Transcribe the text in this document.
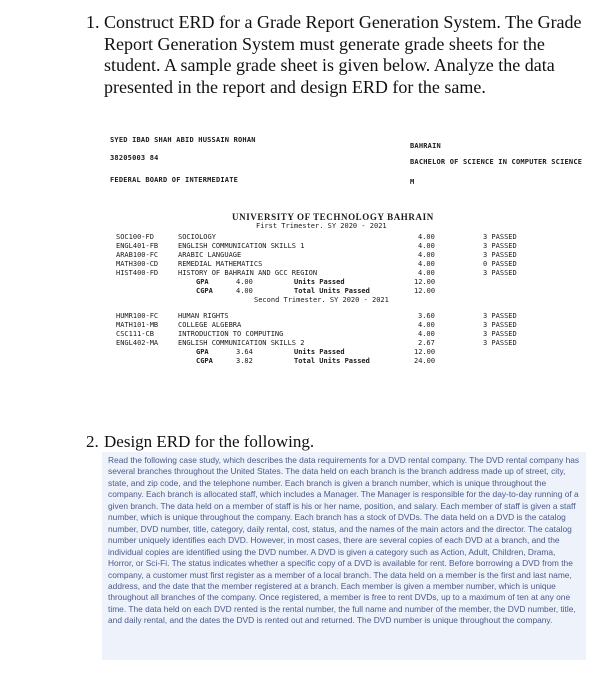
1. Construct ERD for a Grade Report Generation System. The Grade Report Generation System must generate grade sheets for the student. A sample grade sheet is given below. Analyze the data presented in the report and design ERD for the same.
SYED IBAD SHAH ABID HUSSAIN ROHAN
38205003 84
FEDERAL BOARD OF INTERMEDIATE
BAHRAIN
BACHELOR OF SCIENCE IN COMPUTER SCIENCE
M
UNIVERSITY OF TECHNOLOGY BAHRAIN
First Trimester. SY 2020 - 2021
SOC100-FD	SOCIOLOGY	4.00	3 PASSED
ENGL401-FB	ENGLISH COMMUNICATION SKILLS 1	4.00	3 PASSED
ARAB100-FC	ARABIC LANGUAGE	4.00	3 PASSED
MATH300-CD	REMEDIAL MATHEMATICS	4.00	0 PASSED
HIST400-FD	HISTORY OF BAHRAIN AND GCC REGION	4.00	3 PASSED
GPA	4.00	Units Passed	12.00
CGPA	4.00	Total Units Passed	12.00
Second Trimester. SY 2020 - 2021
HUMR100-FC	HUMAN RIGHTS	3.60	3 PASSED
MATH101-MB	COLLEGE ALGEBRA	4.00	3 PASSED
CSC111-CB	INTRODUCTION TO COMPUTING	4.00	3 PASSED
ENGL402-MA	ENGLISH COMMUNICATION SKILLS 2	2.67	3 PASSED
GPA	3.64	Units Passed	12.00
CGPA	3.82	Total Units Passed	24.00
2. Design ERD for the following.
Read the following case study, which describes the data requirements for a DVD rental company. The DVD rental company has several branches throughout the United States. The data held on each branch is the branch address made up of street, city, state, and zip code, and the telephone number. Each branch is given a branch number, which is unique throughout the company. Each branch is allocated staff, which includes a Manager. The Manager is responsible for the day-to-day running of a given branch. The data held on a member of staff is his or her name, position, and salary. Each member of staff is given a staff number, which is unique throughout the company. Each branch has a stock of DVDs. The data held on a DVD is the catalog number, DVD number, title, category, daily rental, cost, status, and the names of the main actors and the director. The catalog number uniquely identifies each DVD. However, in most cases, there are several copies of each DVD at a branch, and the individual copies are identified using the DVD number. A DVD is given a category such as Action, Adult, Children, Drama, Horror, or Sci-Fi. The status indicates whether a specific copy of a DVD is available for rent. Before borrowing a DVD from the company, a customer must first register as a member of a local branch. The data held on a member is the first and last name, address, and the date that the member registered at a branch. Each member is given a member number, which is unique throughout all branches of the company. Once registered, a member is free to rent DVDs, up to a maximum of ten at any one time. The data held on each DVD rented is the rental number, the full name and number of the member, the DVD number, title, and daily rental, and the dates the DVD is rented out and returned. The DVD number is unique throughout the company.
